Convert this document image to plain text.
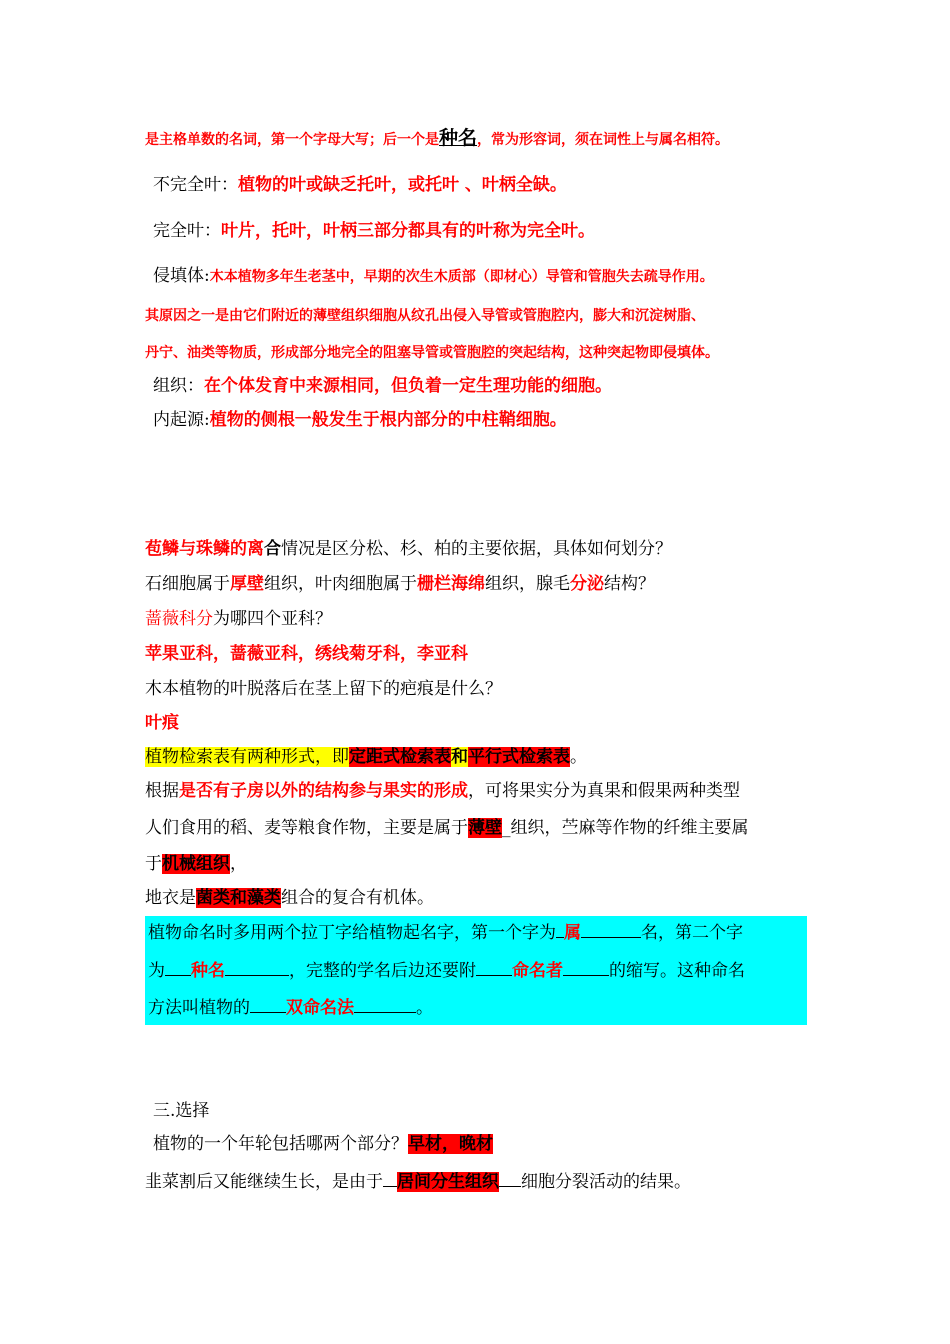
是主格单数的名词，第一个字母大写；后一个是种名，常为形容词，须在词性上与属名相符。
不完全叶：植物的叶或缺乏托叶，或托叶 、叶柄全缺。
完全叶：叶片，托叶，叶柄三部分都具有的叶称为完全叶。
侵填体:木本植物多年生老茎中，早期的次生木质部（即材心）导管和管胞失去疏导作用。
其原因之一是由它们附近的薄壁组织细胞从纹孔出侵入导管或管胞腔内，膨大和沉淀树脂、
丹宁、油类等物质，形成部分地完全的阻塞导管或管胞腔的突起结构，这种突起物即侵填体。
组织：在个体发育中来源相同，但负着一定生理功能的细胞。
内起源:植物的侧根一般发生于根内部分的中柱鞘细胞。
苞鳞与珠鳞的离合情况是区分松、杉、柏的主要依据，具体如何划分？
石细胞属于厚壁组织，叶肉细胞属于栅栏海绵组织，腺毛分泌结构？
蔷薇科分为哪四个亚科？
苹果亚科，蔷薇亚科，绣线菊牙科，李亚科
木本植物的叶脱落后在茎上留下的疤痕是什么？
叶痕
植物检索表有两种形式，即定距式检索表和平行式检索表。
根据是否有子房以外的结构参与果实的形成，可将果实分为真果和假果两种类型
人们食用的稻、麦等粮食作物，主要是属于薄壁_组织，苎麻等作物的纤维主要属
于机械组织，
地衣是菌类和藻类组合的复合有机体。
植物命名时多用两个拉丁字给植物起名字，第一个字为 属	名，第二个字
为 种名	，完整的学名后边还要附 命名者	的缩写。这种命名
方法叫植物的 双命名法	。
三.选择
植物的一个年轮包括哪两个部分？早材，晚材
韭菜割后又能继续生长，是由于 居间分生组织 细胞分裂活动的结果。
